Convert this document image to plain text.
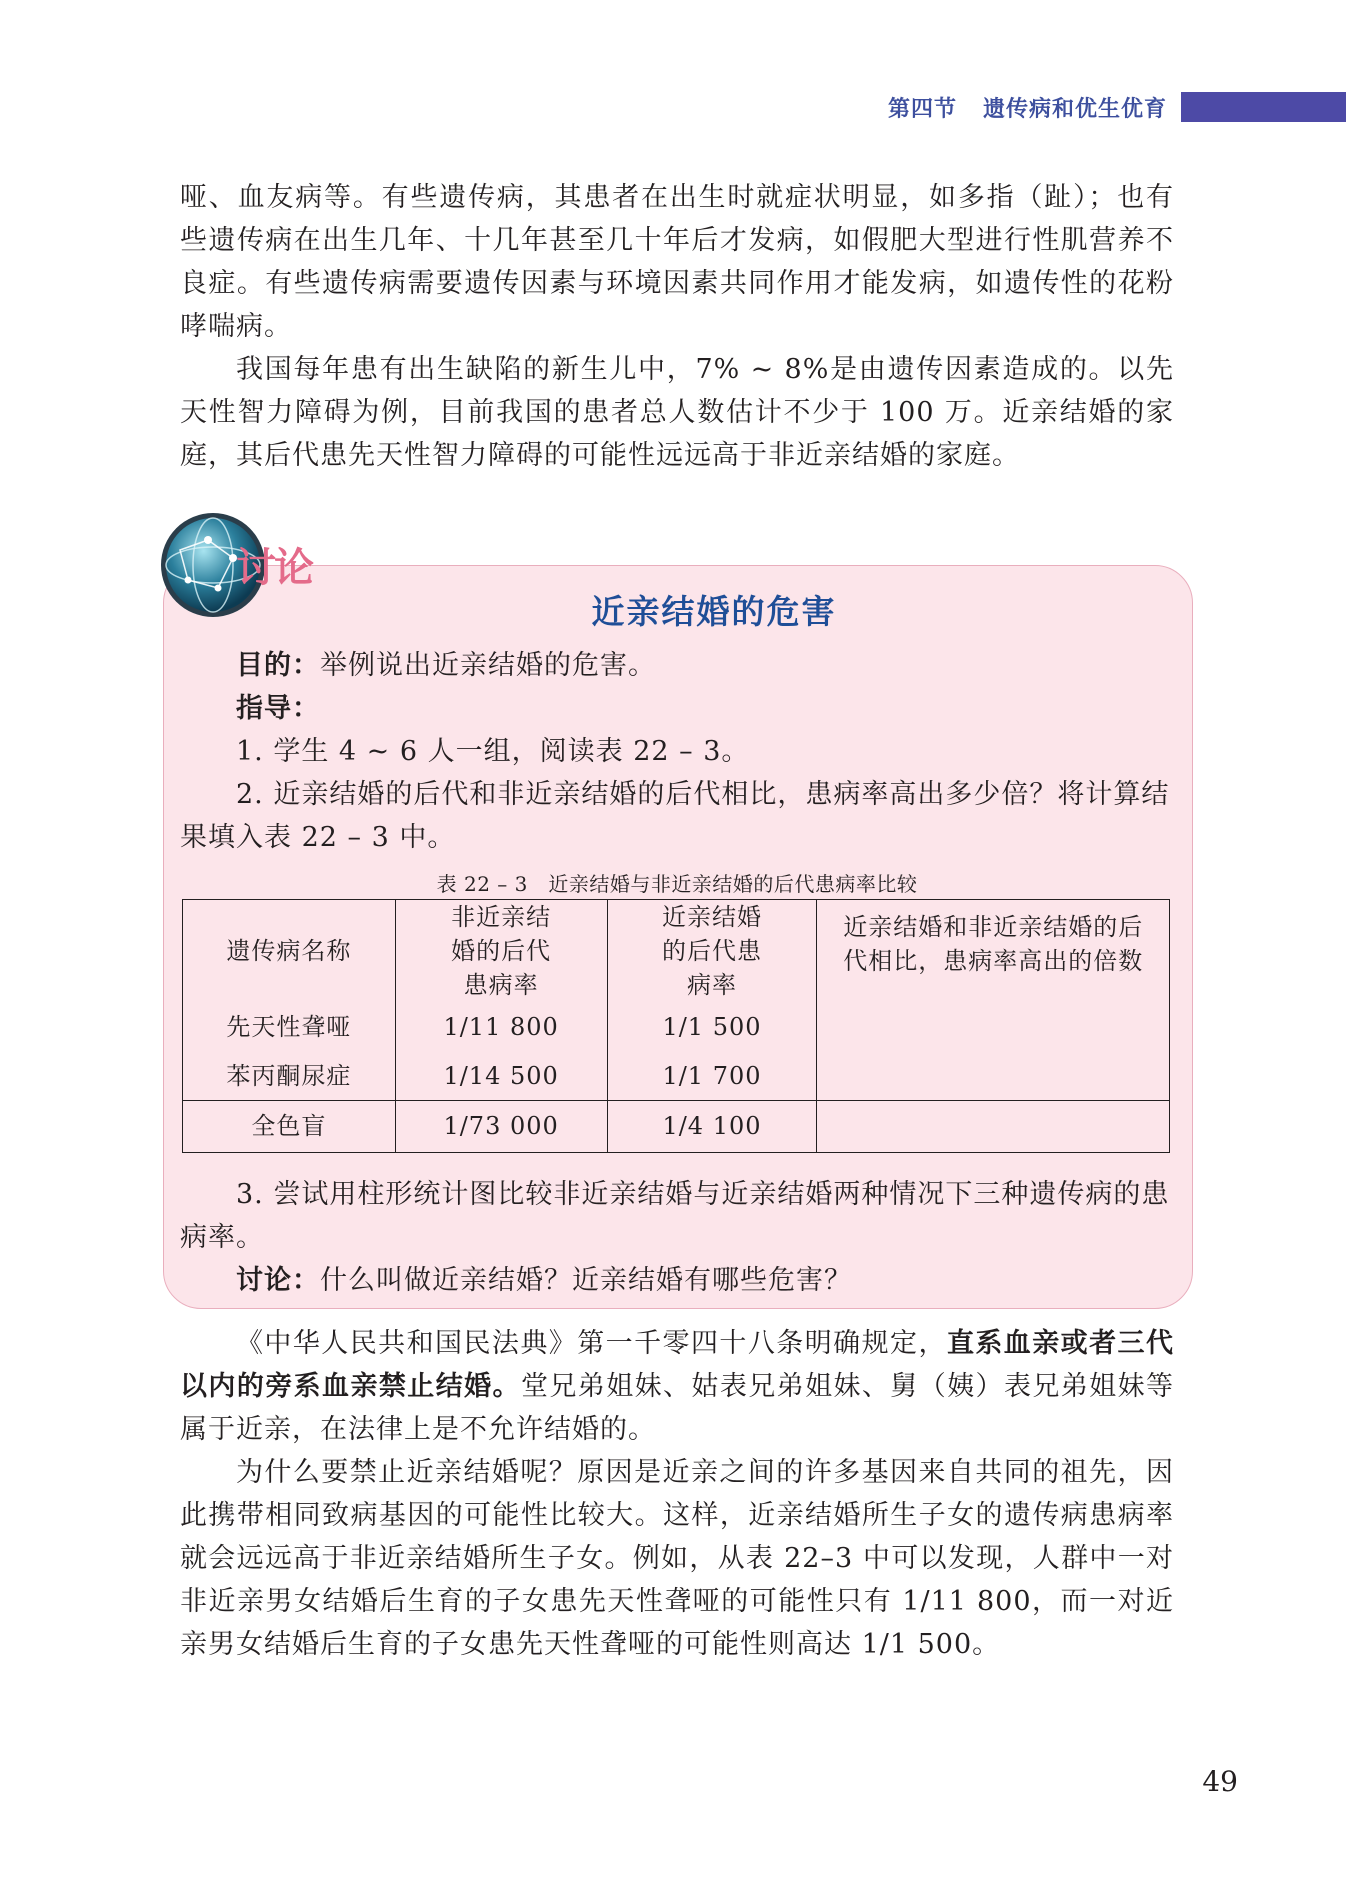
第四节 遗传病和优生优育

哑、血友病等。有些遗传病，其患者在出生时就症状明显，如多指（趾）；也有些遗传病在出生几年、十几年甚至几十年后才发病，如假肥大型进行性肌营养不良症。有些遗传病需要遗传因素与环境因素共同作用才能发病，如遗传性的花粉哮喘病。

我国每年患有出生缺陷的新生儿中，7% ~ 8%是由遗传因素造成的。以先天性智力障碍为例，目前我国的患者总人数估计不少于 100 万。近亲结婚的家庭，其后代患先天性智力障碍的可能性远远高于非近亲结婚的家庭。

近亲结婚的危害

目的：举例说出近亲结婚的危害。

指导：

1. 学生 4 ~ 6 人一组，阅读表 22 – 3。

2. 近亲结婚的后代和非近亲结婚的后代相比，患病率高出多少倍？将计算结果填入表 22 – 3 中。

表 22 – 3　近亲结婚与非近亲结婚的后代患病率比较
遗传病名称	非近亲结婚的后代患病率	近亲结婚的后代患病率	近亲结婚和非近亲结婚的后代相比，患病率高出的倍数
先天性聋哑	1/11 800	1/1 500	
苯丙酮尿症	1/14 500	1/1 700	
全色盲	1/73 000	1/4 100	

3. 尝试用柱形统计图比较非近亲结婚与近亲结婚两种情况下三种遗传病的患病率。

讨论：什么叫做近亲结婚？近亲结婚有哪些危害？

讨论

《中华人民共和国民法典》第一千零四十八条明确规定，直系血亲或者三代以内的旁系血亲禁止结婚。堂兄弟姐妹、姑表兄弟姐妹、舅（姨）表兄弟姐妹等属于近亲，在法律上是不允许结婚的。

为什么要禁止近亲结婚呢？原因是近亲之间的许多基因来自共同的祖先，因此携带相同致病基因的可能性比较大。这样，近亲结婚所生子女的遗传病患病率就会远远高于非近亲结婚所生子女。例如，从表 22–3 中可以发现，人群中一对非近亲男女结婚后生育的子女患先天性聋哑的可能性只有 1/11 800，而一对近亲男女结婚后生育的子女患先天性聋哑的可能性则高达 1/1 500。

49
